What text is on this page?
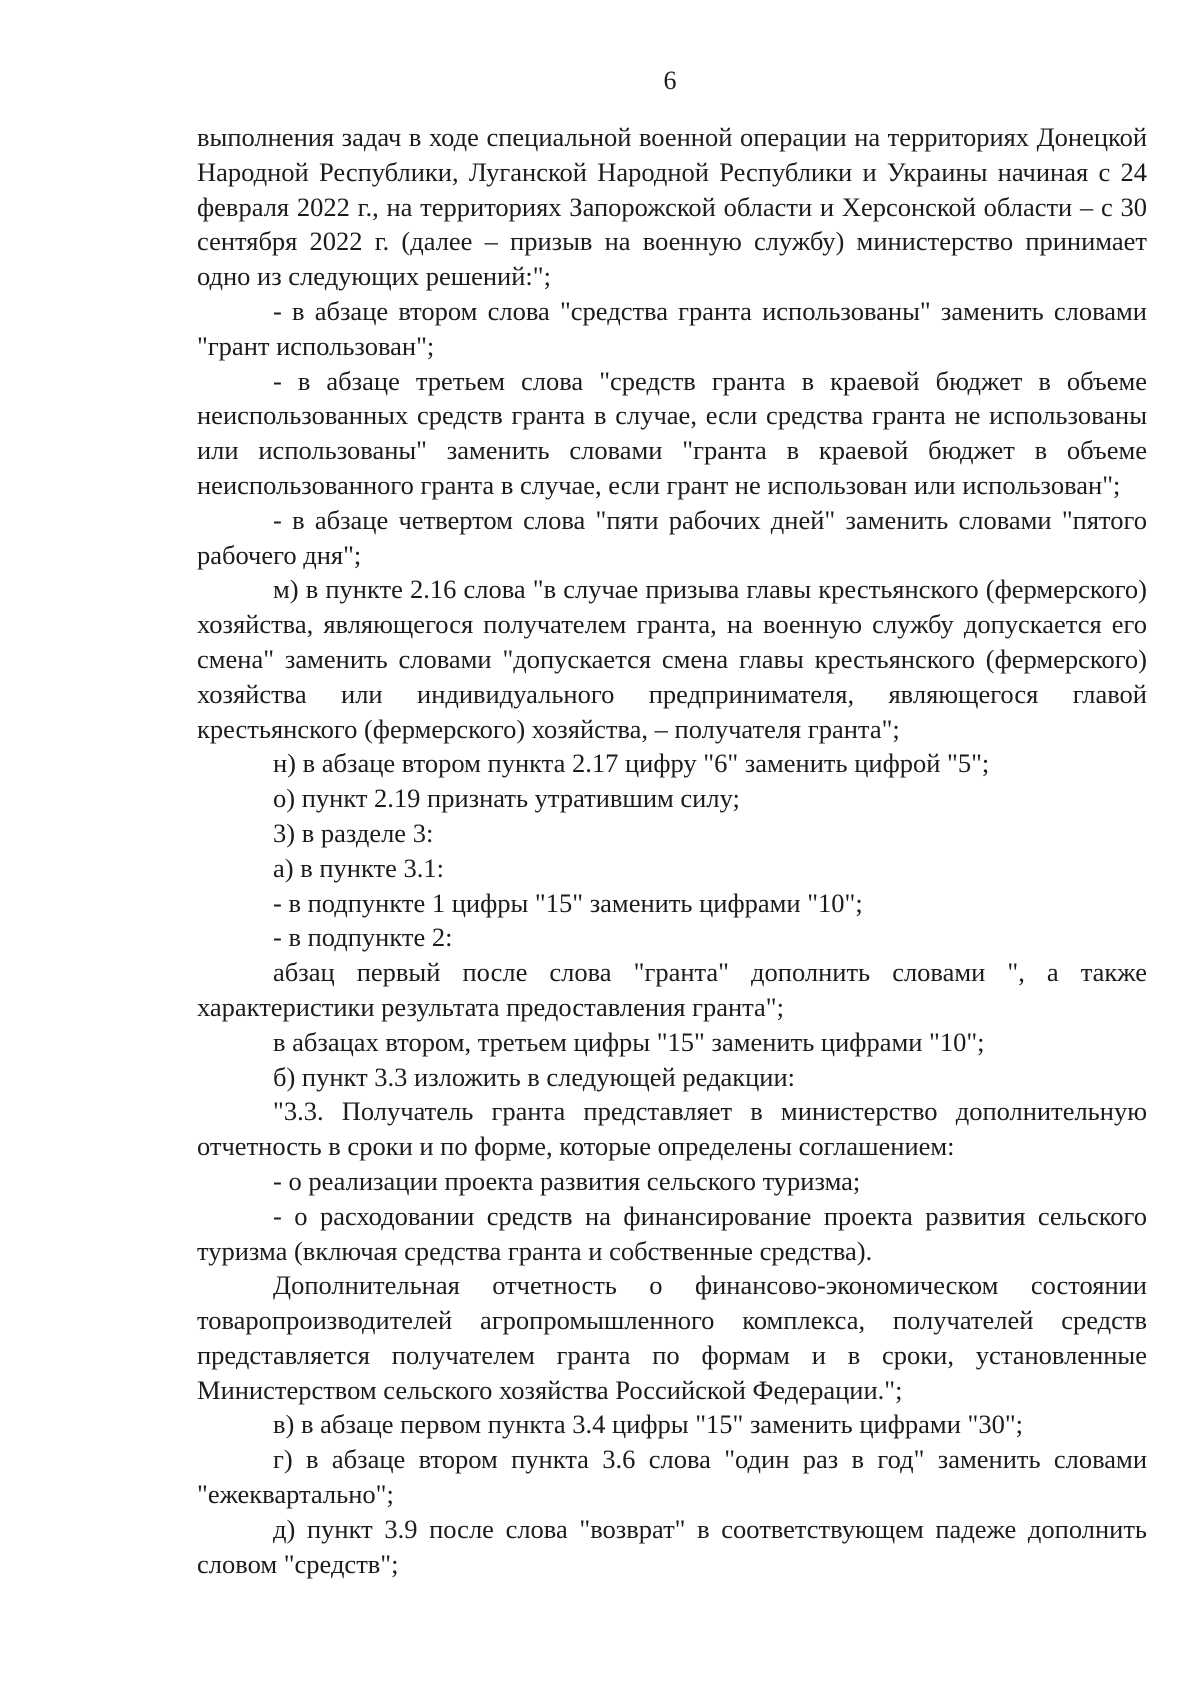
6

выполнения задач в ходе специальной военной операции на территориях Донецкой Народной Республики, Луганской Народной Республики и Украины начиная с 24 февраля 2022 г., на территориях Запорожской области и Херсонской области – с 30 сентября 2022 г. (далее – призыв на военную службу) министерство принимает одно из следующих решений:";

- в абзаце втором слова "средства гранта использованы" заменить словами "грант использован";

- в абзаце третьем слова "средств гранта в краевой бюджет в объеме неиспользованных средств гранта в случае, если средства гранта не использованы или использованы" заменить словами "гранта в краевой бюджет в объеме неиспользованного гранта в случае, если грант не использован или использован";

- в абзаце четвертом слова "пяти рабочих дней" заменить словами "пятого рабочего дня";

м) в пункте 2.16 слова "в случае призыва главы крестьянского (фермерского) хозяйства, являющегося получателем гранта, на военную службу допускается его смена" заменить словами "допускается смена главы крестьянского (фермерского) хозяйства или индивидуального предпринимателя, являющегося главой крестьянского (фермерского) хозяйства, – получателя гранта";

н) в абзаце втором пункта 2.17 цифру "6" заменить цифрой "5";

о) пункт 2.19 признать утратившим силу;

3) в разделе 3:

а) в пункте 3.1:

- в подпункте 1 цифры "15" заменить цифрами "10";

- в подпункте 2:

абзац первый после слова "гранта" дополнить словами ", а также характеристики результата предоставления гранта";

в абзацах втором, третьем цифры "15" заменить цифрами "10";

б) пункт 3.3 изложить в следующей редакции:

"3.3. Получатель гранта представляет в министерство дополнительную отчетность в сроки и по форме, которые определены соглашением:

- о реализации проекта развития сельского туризма;

- о расходовании средств на финансирование проекта развития сельского туризма (включая средства гранта и собственные средства).

Дополнительная отчетность о финансово-экономическом состоянии товаропроизводителей агропромышленного комплекса, получателей средств представляется получателем гранта по формам и в сроки, установленные Министерством сельского хозяйства Российской Федерации.";

в) в абзаце первом пункта 3.4 цифры "15" заменить цифрами "30";

г) в абзаце втором пункта 3.6 слова "один раз в год" заменить словами "ежеквартально";

д) пункт 3.9 после слова "возврат" в соответствующем падеже дополнить словом "средств";
